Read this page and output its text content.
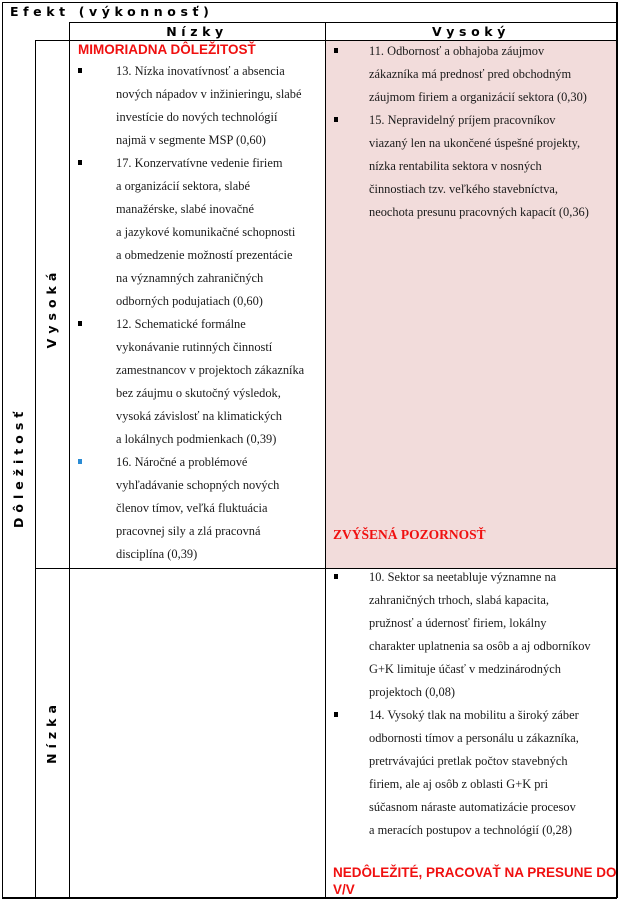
Efekt (výkonnosť)
Nízky	Vysoký
Dôležitosť
Vysoká
Nízka
MIMORIADNA DÔLEŽITOSŤ
13. Nízka inovatívnosť a absencia
nových nápadov v inžinieringu, slabé
investície do nových technológií
najmä v segmente MSP (0,60)
17. Konzervatívne vedenie firiem
a organizácií sektora, slabé
manažérske, slabé inovačné
a jazykové komunikačné schopnosti
a obmedzenie možností prezentácie
na významných zahraničných
odborných podujatiach (0,60)
12. Schematické formálne
vykonávanie rutinných činností
zamestnancov v projektoch zákazníka
bez záujmu o skutočný výsledok,
vysoká závislosť na klimatických
a lokálnych podmienkach (0,39)
16. Náročné a problémové
vyhľadávanie schopných nových
členov tímov, veľká fluktuácia
pracovnej sily a zlá pracovná
disciplína (0,39)
11. Odbornosť a obhajoba záujmov
zákazníka má prednosť pred obchodným
záujmom firiem a organizácií sektora (0,30)
15. Nepravidelný príjem pracovníkov
viazaný len na ukončené úspešné projekty,
nízka rentabilita sektora v nosných
činnostiach tzv. veľkého stavebníctva,
neochota presunu pracovných kapacít (0,36)
ZVÝŠENÁ POZORNOSŤ
10. Sektor sa neetabluje významne na
zahraničných trhoch, slabá kapacita,
pružnosť a údernosť firiem, lokálny
charakter uplatnenia sa osôb a aj odborníkov
G+K limituje účasť v medzinárodných
projektoch (0,08)
14. Vysoký tlak na mobilitu a široký záber
odbornosti tímov a personálu u zákazníka,
pretrvávajúci pretlak počtov stavebných
firiem, ale aj osôb z oblasti G+K pri
súčasnom náraste automatizácie procesov
a meracích postupov a technológií (0,28)
NEDÔLEŽITÉ, PRACOVAŤ NA PRESUNE DO
V/V
